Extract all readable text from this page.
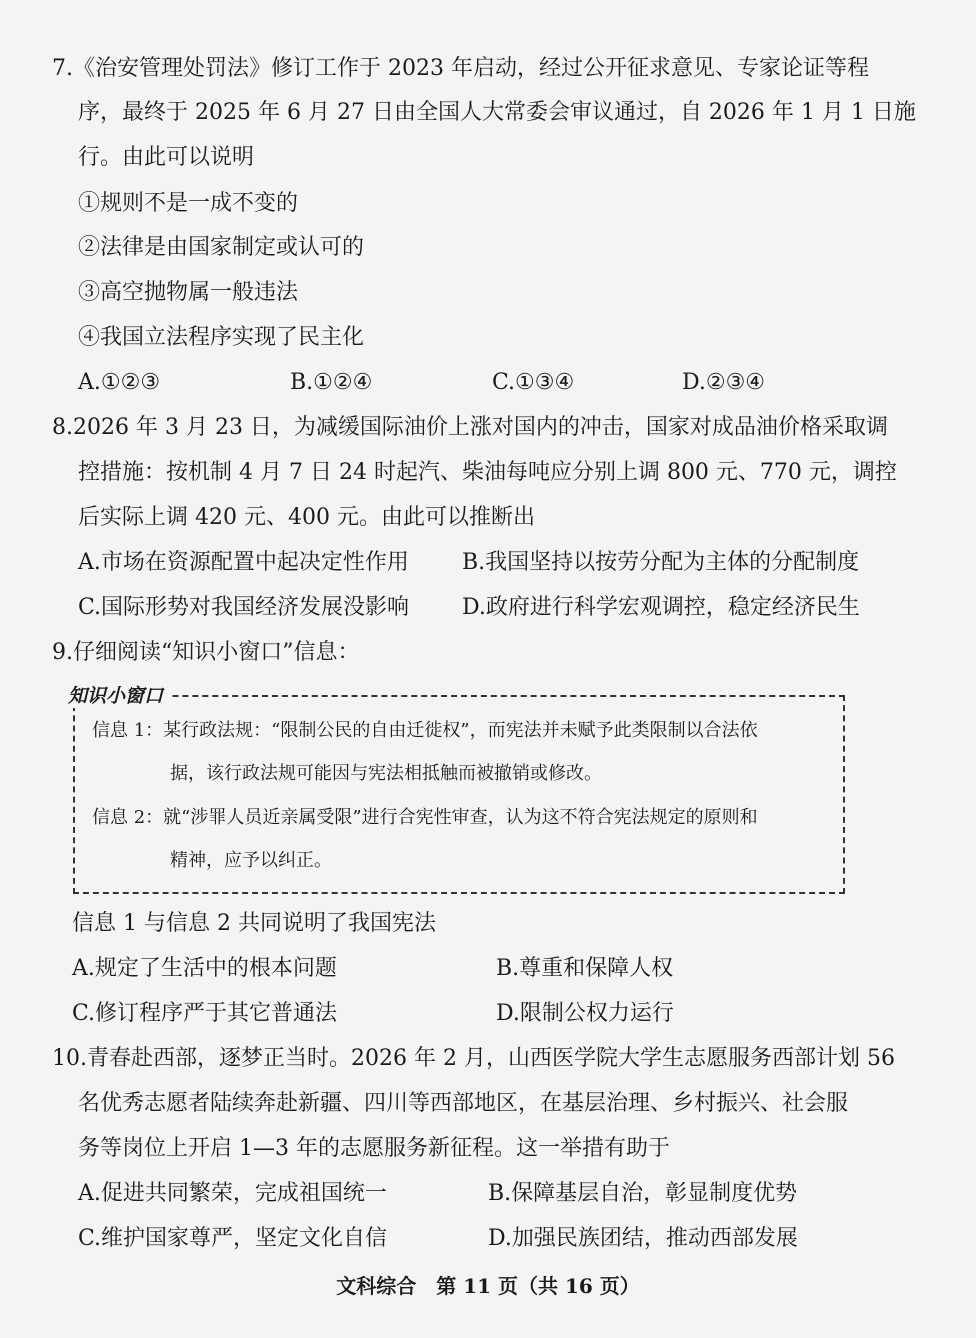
7.《治安管理处罚法》修订工作于 2023 年启动，经过公开征求意见、专家论证等程
序，最终于 2025 年 6 月 27 日由全国人大常委会审议通过，自 2026 年 1 月 1 日施
行。由此可以说明
①规则不是一成不变的
②法律是由国家制定或认可的
③高空抛物属一般违法
④我国立法程序实现了民主化
A.①②③	B.①②④	C.①③④	D.②③④
8.2026 年 3 月 23 日，为减缓国际油价上涨对国内的冲击，国家对成品油价格采取调
控措施：按机制 4 月 7 日 24 时起汽、柴油每吨应分别上调 800 元、770 元，调控
后实际上调 420 元、400 元。由此可以推断出
A.市场在资源配置中起决定性作用 B.我国坚持以按劳分配为主体的分配制度
C.国际形势对我国经济发展没影响 D.政府进行科学宏观调控，稳定经济民生
9.仔细阅读“知识小窗口”信息：
知识小窗口
信息 1：某行政法规：“限制公民的自由迁徙权”，而宪法并未赋予此类限制以合法依
据，该行政法规可能因与宪法相抵触而被撤销或修改。
信息 2：就“涉罪人员近亲属受限”进行合宪性审查，认为这不符合宪法规定的原则和
精神，应予以纠正。
信息 1 与信息 2 共同说明了我国宪法
A.规定了生活中的根本问题	B.尊重和保障人权
C.修订程序严于其它普通法	D.限制公权力运行
10.青春赴西部，逐梦正当时。2026 年 2 月，山西医学院大学生志愿服务西部计划 56
名优秀志愿者陆续奔赴新疆、四川等西部地区，在基层治理、乡村振兴、社会服
务等岗位上开启 1—3 年的志愿服务新征程。这一举措有助于
A.促进共同繁荣，完成祖国统一	B.保障基层自治，彰显制度优势
C.维护国家尊严，坚定文化自信	D.加强民族团结，推动西部发展
文科综合　第 11 页（共 16 页）
